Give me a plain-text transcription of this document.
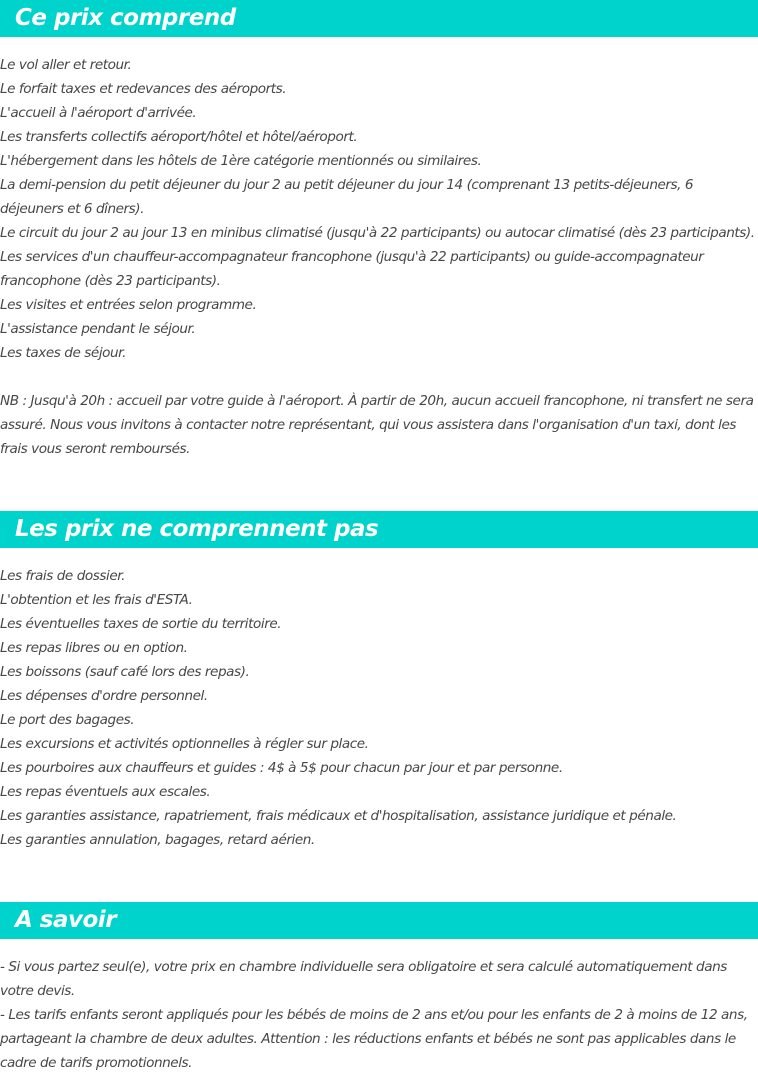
Ce prix comprend
Le vol aller et retour.
Le forfait taxes et redevances des aéroports.
L'accueil à l'aéroport d'arrivée.
Les transferts collectifs aéroport/hôtel et hôtel/aéroport.
L'hébergement dans les hôtels de 1ère catégorie mentionnés ou similaires.
La demi-pension du petit déjeuner du jour 2 au petit déjeuner du jour 14 (comprenant 13 petits-déjeuners, 6 déjeuners et 6 dîners).
Le circuit du jour 2 au jour 13 en minibus climatisé (jusqu'à 22 participants) ou autocar climatisé (dès 23 participants).
Les services d'un chauffeur-accompagnateur francophone (jusqu'à 22 participants) ou guide-accompagnateur francophone (dès 23 participants).
Les visites et entrées selon programme.
L'assistance pendant le séjour.
Les taxes de séjour.
NB : Jusqu'à 20h : accueil par votre guide à l'aéroport. À partir de 20h, aucun accueil francophone, ni transfert ne sera assuré. Nous vous invitons à contacter notre représentant, qui vous assistera dans l'organisation d'un taxi, dont les frais vous seront remboursés.
Les prix ne comprennent pas
Les frais de dossier.
L'obtention et les frais d'ESTA.
Les éventuelles taxes de sortie du territoire.
Les repas libres ou en option.
Les boissons (sauf café lors des repas).
Les dépenses d'ordre personnel.
Le port des bagages.
Les excursions et activités optionnelles à régler sur place.
Les pourboires aux chauffeurs et guides : 4$ à 5$ pour chacun par jour et par personne.
Les repas éventuels aux escales.
Les garanties assistance, rapatriement, frais médicaux et d'hospitalisation, assistance juridique et pénale.
Les garanties annulation, bagages, retard aérien.
A savoir
- Si vous partez seul(e), votre prix en chambre individuelle sera obligatoire et sera calculé automatiquement dans votre devis.
- Les tarifs enfants seront appliqués pour les bébés de moins de 2 ans et/ou pour les enfants de 2 à moins de 12 ans, partageant la chambre de deux adultes. Attention : les réductions enfants et bébés ne sont pas applicables dans le cadre de tarifs promotionnels.
